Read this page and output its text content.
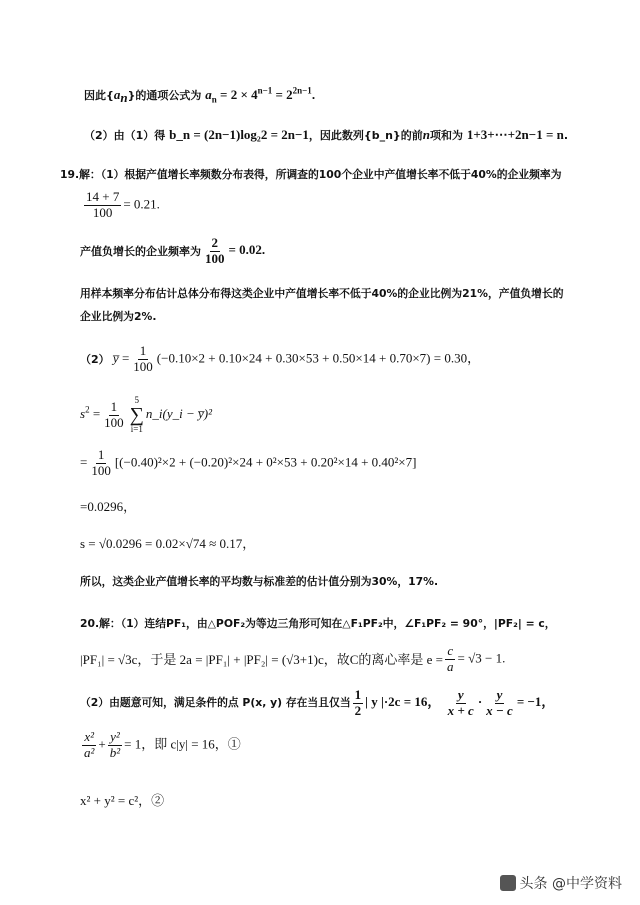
因此$\{a_n\}$的通项公式为 $a_n = 2 \times 4^{n-1} = 2^{2n-1}$.
（2）由（1）得 b_n = (2n−1)log₂2 = 2n−1，因此数列{b_n}的前n项和为 1+3+⋯+2n−1 = n.
19.解：（1）根据产值增长率频数分布表得，所调查的100个企业中产值增长率不低于40%的企业频率为
$\frac{14 + 7}{100} = 0.21$.
产值负增长的企业频率为 $\frac{2}{100} = 0.02$.
用样本频率分布估计总体分布得这类企业中产值增长率不低于40%的企业比例为21%，产值负增长的
企业比例为2%.
（2） y̅ = $\frac{1}{100} (-0.10\times 2 + 0.10\times 24 + 0.30\times 53 + 0.50\times 14 + 0.70\times 7) = 0.30$，
$s^2 = \frac{1}{100} 5$
∑
i=1
n_i(y_i − y̅)²
= $\frac{1}{100} [(-0.40)^2\times 2 + (-0.20)^2\times 24 + 0^2\times 53 + 0.20^2\times 14 + 0.40^2\times 7]$
=0.0296，
s = √0.0296 = 0.02×√74 ≈ 0.17，
所以，这类企业产值增长率的平均数与标准差的估计值分别为30%，17%.
20.解：（1）连结PF₁，由△POF₂为等边三角形可知在△F₁PF₂中，∠F₁PF₂ = 90°，|PF₂| = c，
|PF₁| = √3c，于是 2a = |PF₁| + |PF₂| = (√3+1)c，故C的离心率是 $e = \frac{c}{a} = √3 - 1$.
（2）由题意可知，满足条件的点 P(x, y) 存在当且仅当 $\frac{1}{2}$ | y |·2c = 16， $\frac{y}{x + c} \cdot \frac{y}{x - c} = -1$，
$\frac{\text{x²}}{\text{a²}} + \frac{\text{y²}}{\text{b²}} = 1$，即 c|y| = 16，①
x² + y² = c²，②
头条 @中学资料
